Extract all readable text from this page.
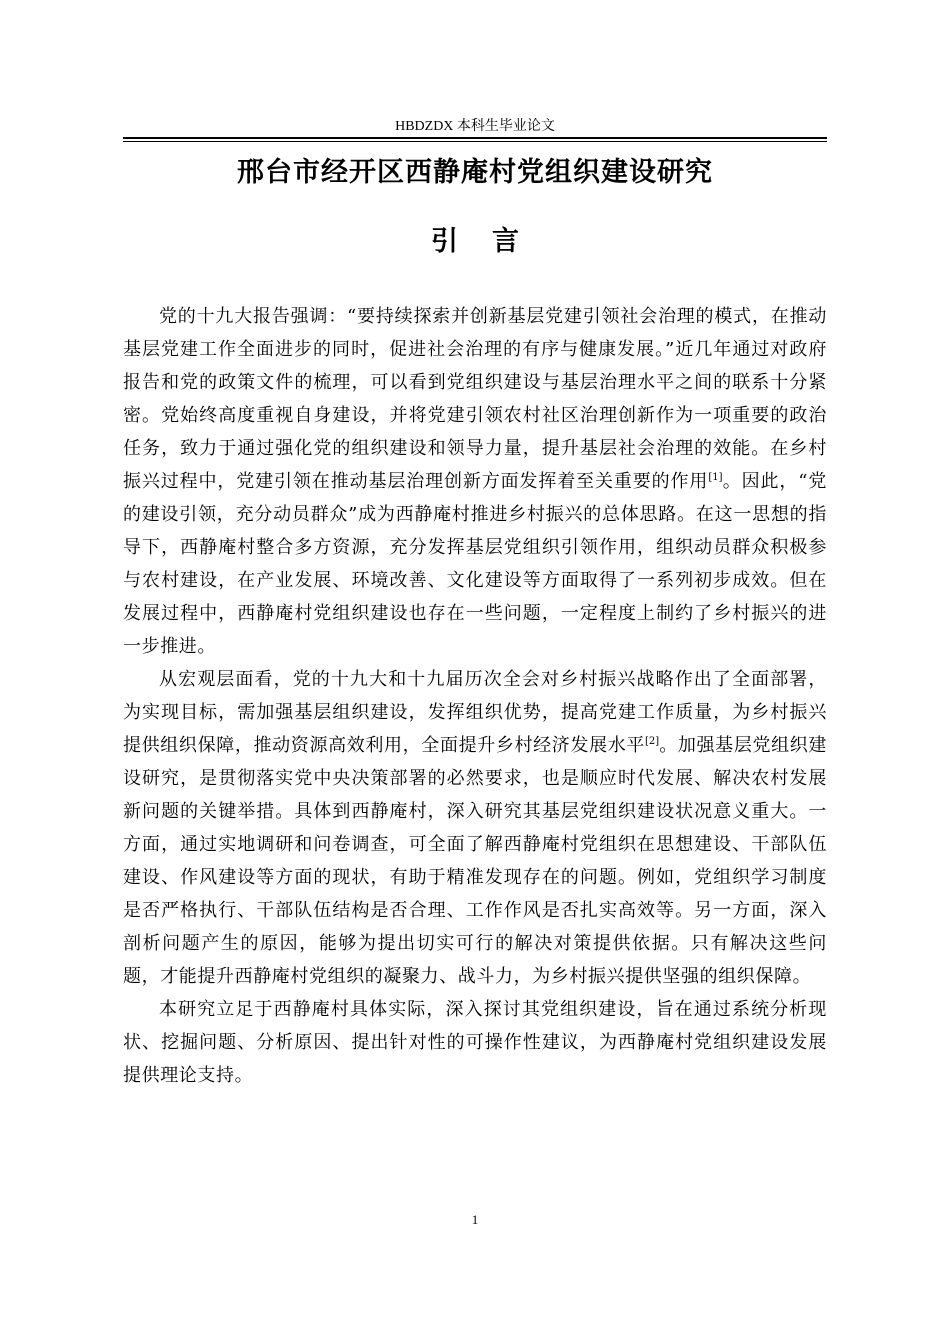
HBDZDX 本科生毕业论文
邢台市经开区西静庵村党组织建设研究
引言

党的十九大报告强调：“要持续探索并创新基层党建引领社会治理的模式，在推动基层党建工作全面进步的同时，促进社会治理的有序与健康发展。”近几年通过对政府报告和党的政策文件的梳理，可以看到党组织建设与基层治理水平之间的联系十分紧密。党始终高度重视自身建设，并将党建引领农村社区治理创新作为一项重要的政治任务，致力于通过强化党的组织建设和领导力量，提升基层社会治理的效能。在乡村振兴过程中，党建引领在推动基层治理创新方面发挥着至关重要的作用[1]。因此，“党的建设引领，充分动员群众”成为西静庵村推进乡村振兴的总体思路。在这一思想的指导下，西静庵村整合多方资源，充分发挥基层党组织引领作用，组织动员群众积极参与农村建设，在产业发展、环境改善、文化建设等方面取得了一系列初步成效。但在发展过程中，西静庵村党组织建设也存在一些问题，一定程度上制约了乡村振兴的进一步推进。

从宏观层面看，党的十九大和十九届历次全会对乡村振兴战略作出了全面部署，为实现目标，需加强基层组织建设，发挥组织优势，提高党建工作质量，为乡村振兴提供组织保障，推动资源高效利用，全面提升乡村经济发展水平[2]。加强基层党组织建设研究，是贯彻落实党中央决策部署的必然要求，也是顺应时代发展、解决农村发展新问题的关键举措。具体到西静庵村，深入研究其基层党组织建设状况意义重大。一方面，通过实地调研和问卷调查，可全面了解西静庵村党组织在思想建设、干部队伍建设、作风建设等方面的现状，有助于精准发现存在的问题。例如，党组织学习制度是否严格执行、干部队伍结构是否合理、工作作风是否扎实高效等。另一方面，深入剖析问题产生的原因，能够为提出切实可行的解决对策提供依据。只有解决这些问题，才能提升西静庵村党组织的凝聚力、战斗力，为乡村振兴提供坚强的组织保障。

本研究立足于西静庵村具体实际，深入探讨其党组织建设，旨在通过系统分析现状、挖掘问题、分析原因、提出针对性的可操作性建议，为西静庵村党组织建设发展提供理论支持。

1
